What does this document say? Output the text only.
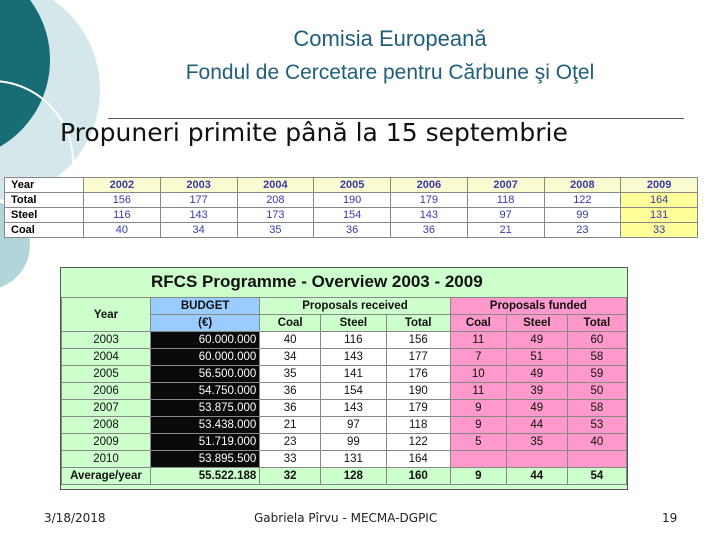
Comisia Europeană
Fondul de Cercetare pentru Cărbune şi Oţel
Propuneri primite până la 15 septembrie
Year	2002	2003	2004	2005	2006	2007	2008	2009
Total	156	177	208	190	179	118	122	164
Steel	116	143	173	154	143	97	99	131
Coal	40	34	35	36	36	21	23	33
RFCS Programme - Overview 2003 - 2009
Year	BUDGET	Proposals received			Proposals funded		
	(€)	Coal	Steel	Total	Coal	Steel	Total
2003	60.000.000	40	116	156	11	49	60
2004	60.000.000	34	143	177	7	51	58
2005	56.500.000	35	141	176	10	49	59
2006	54.750.000	36	154	190	11	39	50
2007	53.875.000	36	143	179	9	49	58
2008	53.438.000	21	97	118	9	44	53
2009	51.719.000	23	99	122	5	35	40
2010	53.895.500	33	131	164			
Average/year	55.522.188	32	128	160	9	44	54
3/18/2018	Gabriela Pîrvu - MECMA-DGPIC	19
